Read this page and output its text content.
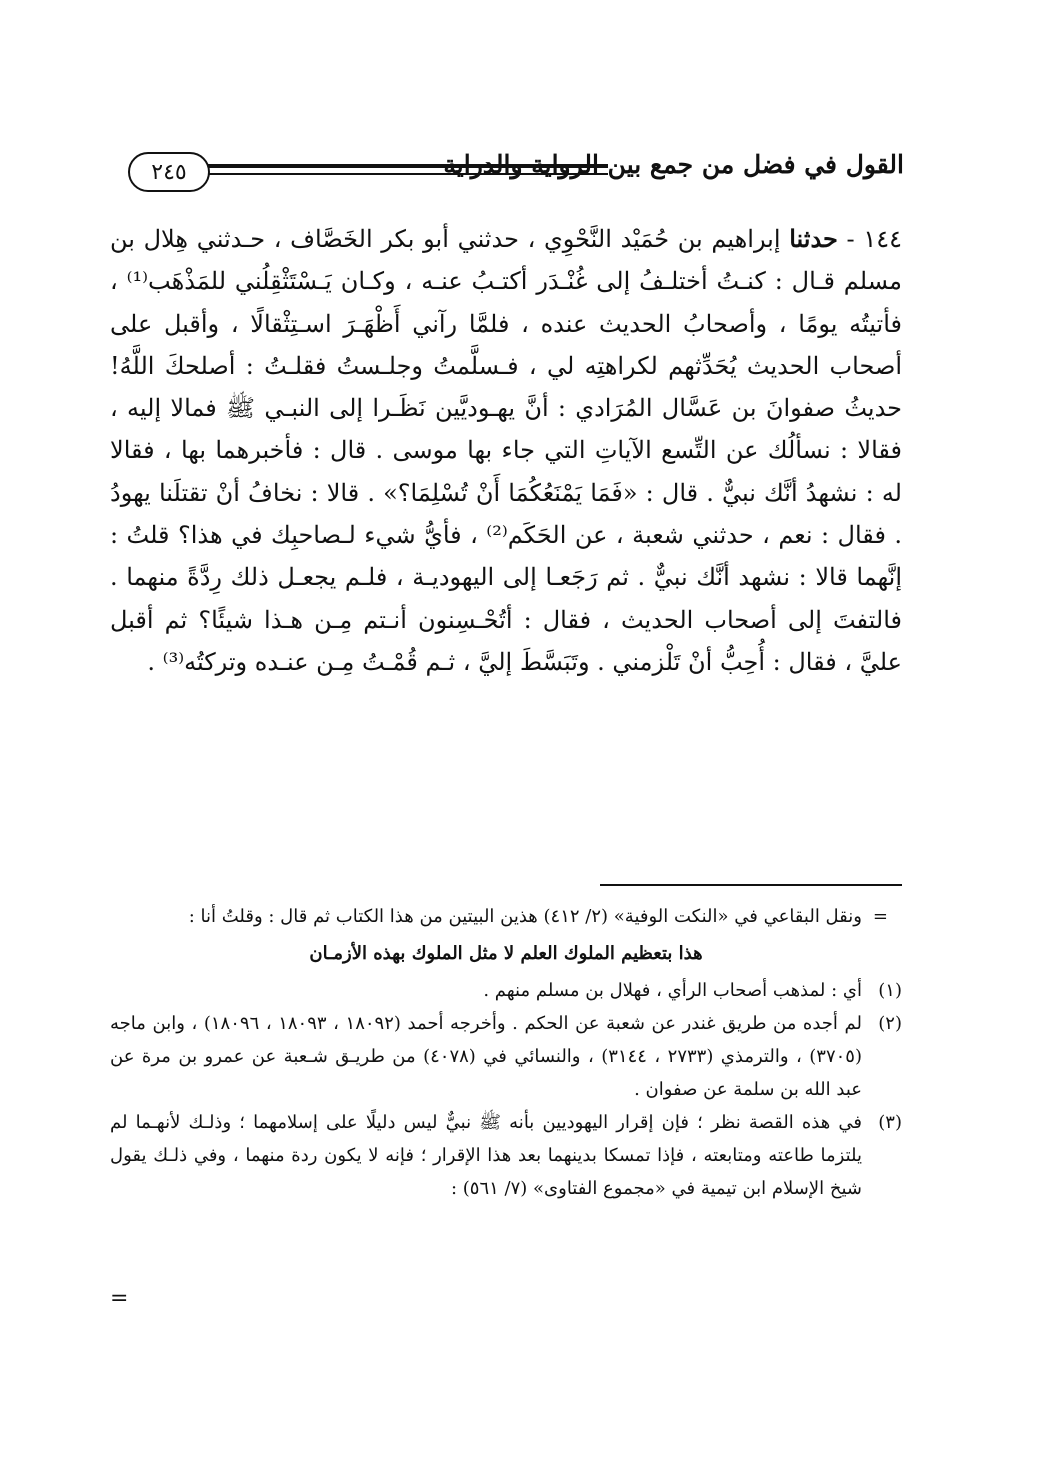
٢٤٥	القول في فضل من جمع بين الرواية والدراية

١٤٤ - حدثنا إبراهيم بن حُمَيْد النَّحْوِي ، حدثني أبو بكر الخَصَّاف ، حـدثني هِلال بن مسلم قـال : كنـتُ أختلـفُ إلى غُنْـدَر أكتـبُ عنـه ، وكـان يَـسْتَثْقِلُني للمَذْهَب⁽¹⁾ ، فأتيتُه يومًا ، وأصحابُ الحديث عنده ، فلمَّا رآني أَظْهَـرَ اسـتِثْقالًا ، وأقبل على أصحاب الحديث يُحَدِّثهم لكراهتِه لي ، فـسلَّمتُ وجلـستُ فقلـتُ : أصلحكَ اللَّهُ! حديثُ صفوانَ بن عَسَّال المُرَادي : أنَّ يهـوديَّين نَظَـرا إلى النبـي ﷺ فمالا إليه ، فقالا : نسألُك عن التِّسع الآياتِ التي جاء بها موسى . قال : فأخبرهما بها ، فقالا له : نشهدُ أنَّك نبيٌّ . قال : «فَمَا يَمْنَعُكُمَا أَنْ تُسْلِمَا؟» . قالا : نخافُ أنْ تقتلَنا يهودُ . فقال : نعم ، حدثني شعبة ، عن الحَكَم⁽²⁾ ، فأيُّ شيء لـصاحبِك في هذا؟ قلتُ : إنَّهما قالا : نشهد أنَّك نبيٌّ . ثم رَجَعـا إلى اليهوديـة ، فلـم يجعـل ذلك رِدَّةً منهما . فالتفتَ إلى أصحاب الحديث ، فقال : أتُحْـسِنون أنـتم مِـن هـذا شيئًا؟ ثم أقبل عليَّ ، فقال : أُحِبُّ أنْ تَلْزمني . وتَبَسَّطَ إليَّ ، ثـم قُمْـتُ مِـن عنـده وتركتُه⁽³⁾ .

=
ونقل البقاعي في «النكت الوفية» (٢/ ٤١٢) هذين البيتين من هذا الكتاب ثم قال : وقلتُ أنا :

هذا بتعظيم الملوك العلم لا مثل الملوك بهذه الأزمـان

(١)
أي : لمذهب أصحاب الرأي ، فهلال بن مسلم منهم .

(٢)
لم أجده من طريق غندر عن شعبة عن الحكم . وأخرجه أحمد (١٨٠٩٢ ، ١٨٠٩٣ ، ١٨٠٩٦) ، وابن ماجه (٣٧٠٥) ، والترمذي (٢٧٣٣ ، ٣١٤٤) ، والنسائي في (٤٠٧٨) من طريـق شـعبة عن عمرو بن مرة عن عبد الله بن سلمة عن صفوان .

(٣)
في هذه القصة نظر ؛ فإن إقرار اليهوديين بأنه ﷺ نبيٌّ ليس دليلًا على إسلامهما ؛ وذلـك لأنهـما لم يلتزما طاعته ومتابعته ، فإذا تمسكا بدينهما بعد هذا الإقرار ؛ فإنه لا يكون ردة منهما ، وفي ذلـك يقول شيخ الإسلام ابن تيمية في «مجموع الفتاوى» (٧/ ٥٦١) :

=
